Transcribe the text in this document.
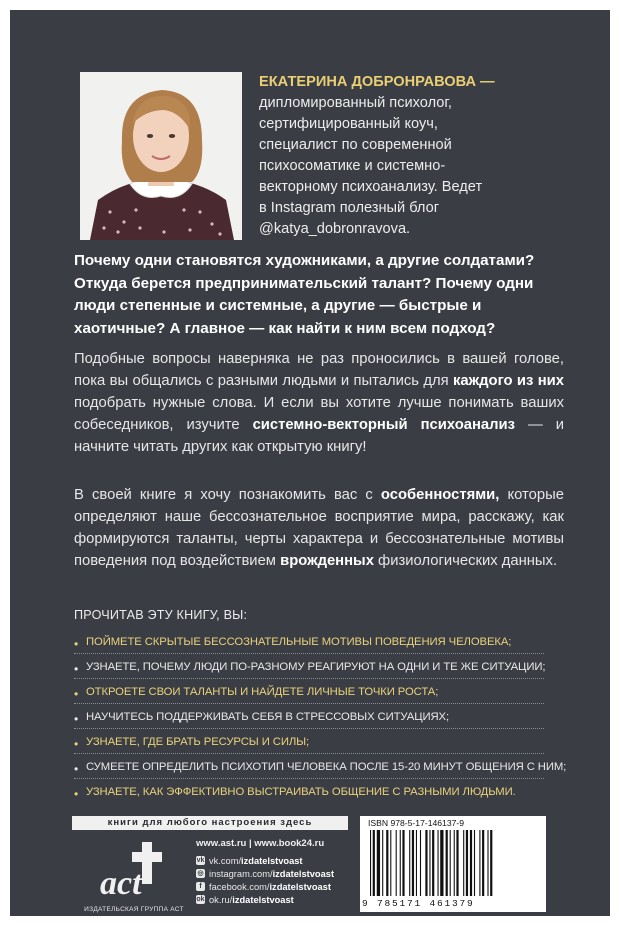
ЕКАТЕРИНА ДОБРОНРАВОВА —
дипломированный психолог,
сертифицированный коуч,
специалист по современной
психосоматике и системно-
векторному психоанализу. Ведет
в Instagram полезный блог
@katya_dobronravova.
Почему одни становятся художниками, а другие солдатами? Откуда берется предпринимательский талант? Почему одни люди степенные и системные, а другие — быстрые и хаотичные? А главное — как найти к ним всем подход?
Подобные вопросы наверняка не раз проносились в вашей голове, пока вы общались с разными людьми и пытались для каждого из них подобрать нужные слова. И если вы хотите лучше понимать ваших собеседников, изучите системно-векторный психоанализ — и начните читать других как открытую книгу!
В своей книге я хочу познакомить вас с особенностями, которые определяют наше бессознательное восприятие мира, расскажу, как формируются таланты, черты характера и бессознательные мотивы поведения под воздействием врожденных физиологических данных.
ПРОЧИТАВ ЭТУ КНИГУ, ВЫ:
• ПОЙМЕТЕ СКРЫТЫЕ БЕССОЗНАТЕЛЬНЫЕ МОТИВЫ ПОВЕДЕНИЯ ЧЕЛОВЕКА;
• УЗНАЕТЕ, ПОЧЕМУ ЛЮДИ ПО-РАЗНОМУ РЕАГИРУЮТ НА ОДНИ И ТЕ ЖЕ СИТУАЦИИ;
• ОТКРОЕТЕ СВОИ ТАЛАНТЫ И НАЙДЕТЕ ЛИЧНЫЕ ТОЧКИ РОСТА;
• НАУЧИТЕСЬ ПОДДЕРЖИВАТЬ СЕБЯ В СТРЕССОВЫХ СИТУАЦИЯХ;
• УЗНАЕТЕ, ГДЕ БРАТЬ РЕСУРСЫ И СИЛЫ;
• СУМЕЕТЕ ОПРЕДЕЛИТЬ ПСИХОТИП ЧЕЛОВЕКА ПОСЛЕ 15-20 МИНУТ ОБЩЕНИЯ С НИМ;
• УЗНАЕТЕ, КАК ЭФФЕКТИВНО ВЫСТРАИВАТЬ ОБЩЕНИЕ С РАЗНЫМИ ЛЮДЬМИ.
книги для любого настроения здесь
act
ИЗДАТЕЛЬСКАЯ ГРУППА АСТ
www.ast.ru | www.book24.ru
vk vk.com/ izdatelstvoast
◎ instagram.com/ izdatelstvoast
f facebook.com/ izdatelstvoast
ok ok.ru/ izdatelstvoast
ISBN 978-5-17-146137-9
9 785171 461379
